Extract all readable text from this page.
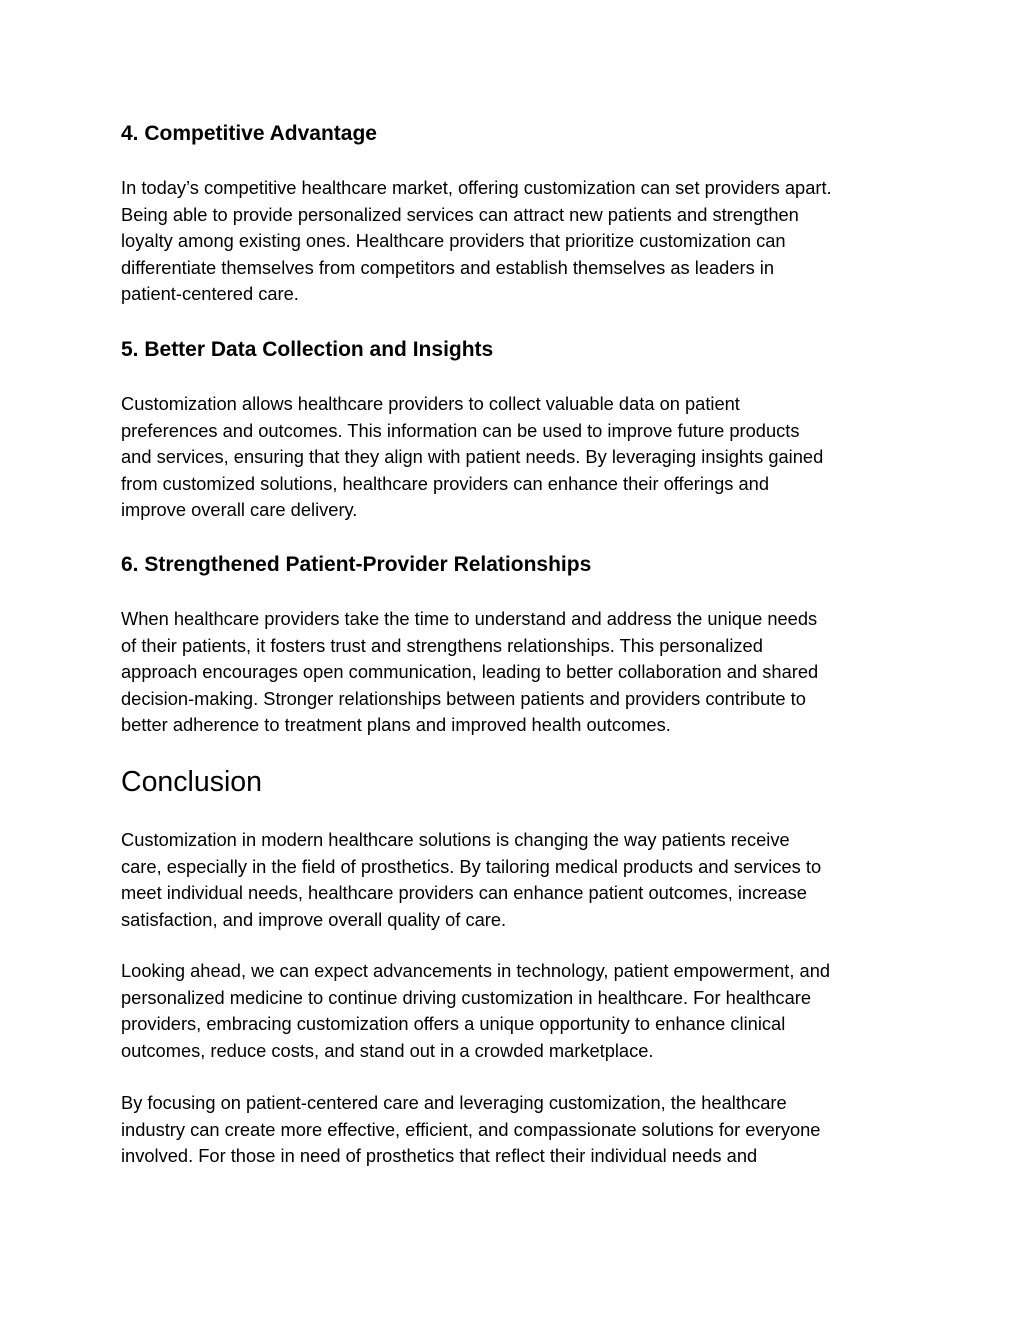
4. Competitive Advantage

In today’s competitive healthcare market, offering customization can set providers apart.
Being able to provide personalized services can attract new patients and strengthen
loyalty among existing ones. Healthcare providers that prioritize customization can
differentiate themselves from competitors and establish themselves as leaders in
patient-centered care.

5. Better Data Collection and Insights

Customization allows healthcare providers to collect valuable data on patient
preferences and outcomes. This information can be used to improve future products
and services, ensuring that they align with patient needs. By leveraging insights gained
from customized solutions, healthcare providers can enhance their offerings and
improve overall care delivery.

6. Strengthened Patient-Provider Relationships

When healthcare providers take the time to understand and address the unique needs
of their patients, it fosters trust and strengthens relationships. This personalized
approach encourages open communication, leading to better collaboration and shared
decision-making. Stronger relationships between patients and providers contribute to
better adherence to treatment plans and improved health outcomes.

Conclusion

Customization in modern healthcare solutions is changing the way patients receive
care, especially in the field of prosthetics. By tailoring medical products and services to
meet individual needs, healthcare providers can enhance patient outcomes, increase
satisfaction, and improve overall quality of care.

Looking ahead, we can expect advancements in technology, patient empowerment, and
personalized medicine to continue driving customization in healthcare. For healthcare
providers, embracing customization offers a unique opportunity to enhance clinical
outcomes, reduce costs, and stand out in a crowded marketplace.

By focusing on patient-centered care and leveraging customization, the healthcare
industry can create more effective, efficient, and compassionate solutions for everyone
involved. For those in need of prosthetics that reflect their individual needs and
